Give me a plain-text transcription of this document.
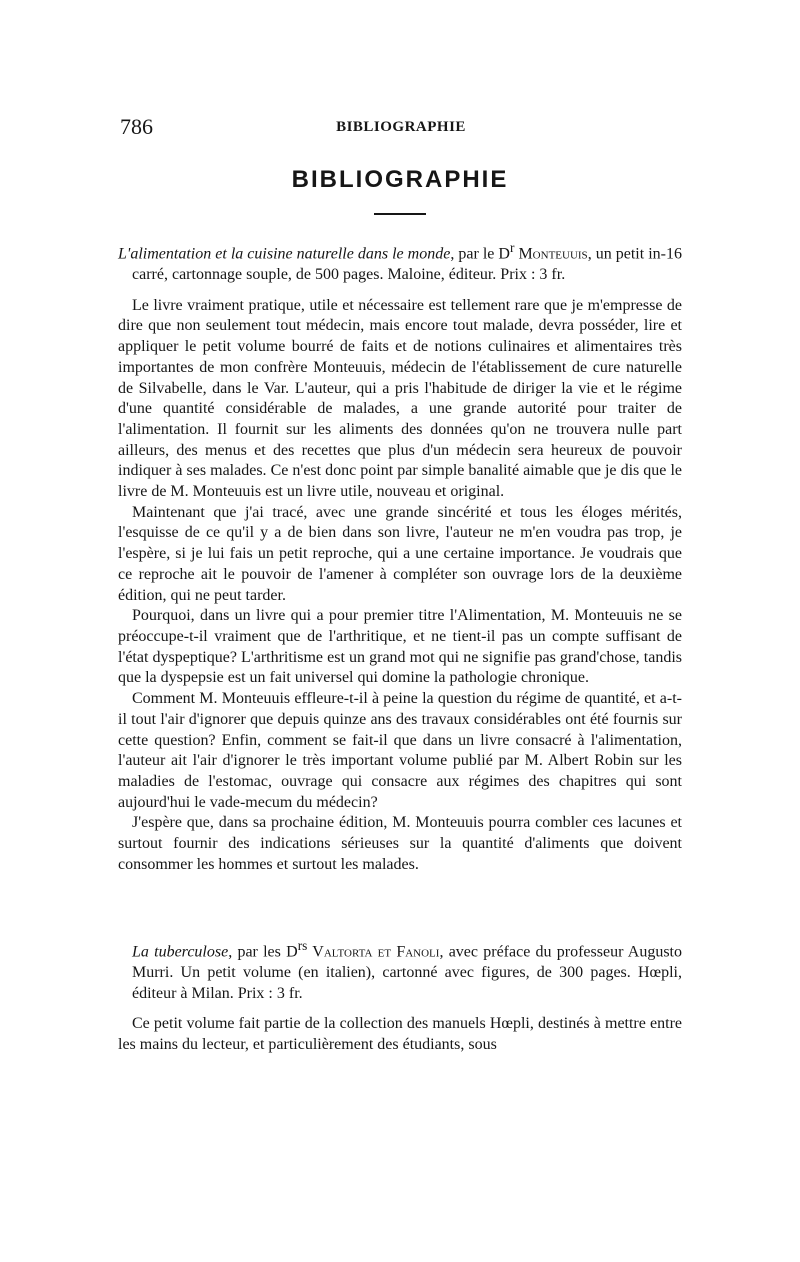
786	BIBLIOGRAPHIE
BIBLIOGRAPHIE

L'alimentation et la cuisine naturelle dans le monde, par le $D^r$ Monteuuis, un petit in-16 carré, cartonnage souple, de 500 pages. Maloine, éditeur. Prix : 3 fr.

Le livre vraiment pratique, utile et nécessaire est tellement rare que je m'empresse de dire que non seulement tout médecin, mais encore tout malade, devra posséder, lire et appliquer le petit volume bourré de faits et de notions culinaires et alimentaires très importantes de mon confrère Monteuuis, médecin de l'établissement de cure naturelle de Silvabelle, dans le Var. L'auteur, qui a pris l'habitude de diriger la vie et le régime d'une quantité considérable de malades, a une grande autorité pour traiter de l'alimentation. Il fournit sur les aliments des données qu'on ne trouvera nulle part ailleurs, des menus et des recettes que plus d'un médecin sera heureux de pouvoir indiquer à ses malades. Ce n'est donc point par simple banalité aimable que je dis que le livre de M. Monteuuis est un livre utile, nouveau et original.

Maintenant que j'ai tracé, avec une grande sincérité et tous les éloges mérités, l'esquisse de ce qu'il y a de bien dans son livre, l'auteur ne m'en voudra pas trop, je l'espère, si je lui fais un petit reproche, qui a une certaine importance. Je voudrais que ce reproche ait le pouvoir de l'amener à compléter son ouvrage lors de la deuxième édition, qui ne peut tarder.

Pourquoi, dans un livre qui a pour premier titre l'Alimentation, M. Monteuuis ne se préoccupe-t-il vraiment que de l'arthritique, et ne tient-il pas un compte suffisant de l'état dyspeptique? L'arthritisme est un grand mot qui ne signifie pas grand'chose, tandis que la dyspepsie est un fait universel qui domine la pathologie chronique.

Comment M. Monteuuis effleure-t-il à peine la question du régime de quantité, et a-t-il tout l'air d'ignorer que depuis quinze ans des travaux considérables ont été fournis sur cette question? Enfin, comment se fait-il que dans un livre consacré à l'alimentation, l'auteur ait l'air d'ignorer le très important volume publié par M. Albert Robin sur les maladies de l'estomac, ouvrage qui consacre aux régimes des chapitres qui sont aujourd'hui le vade-mecum du médecin?

J'espère que, dans sa prochaine édition, M. Monteuuis pourra combler ces lacunes et surtout fournir des indications sérieuses sur la quantité d'aliments que doivent consommer les hommes et surtout les malades.

La tuberculose, par les $D^{rs}$ Valtorta et Fanoli, avec préface du professeur Augusto Murri. Un petit volume (en italien), cartonné avec figures, de 300 pages. Hœpli, éditeur à Milan. Prix : 3 fr.

Ce petit volume fait partie de la collection des manuels Hœpli, destinés à mettre entre les mains du lecteur, et particulièrement des étudiants, sous
